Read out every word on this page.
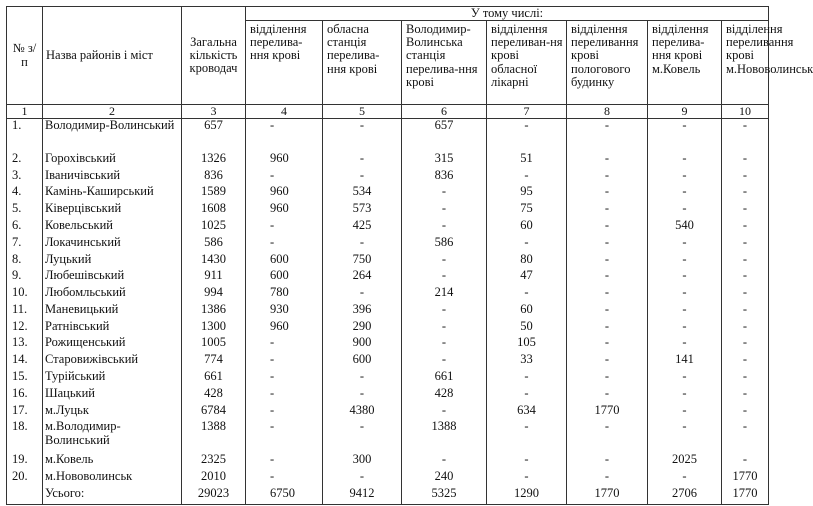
№ з/п	Назва районів і міст	Загальна кількість кроводач	У тому числі:						
			відділення перелива-ння крові	обласна станція перелива-ння крові	Володимир-Волинська станція перелива-ння крові	відділення переливан-ня крові обласної лікарні	відділення переливання крові пологового будинку	відділення перелива-ння крові м.Ковель	відділення переливання крові м.Нововолинськ
1	2	3	4	5	6	7	8	9	10
1.	Володимир-Волинський	657	-	-	657	-	-	-	-
2.	Горохівський	1326	960	-	315	51	-	-	-
3.	Іваничівський	836	-	-	836	-	-	-	-
4.	Камінь-Каширський	1589	960	534	-	95	-	-	-
5.	Ківерцівський	1608	960	573	-	75	-	-	-
6.	Ковельський	1025	-	425	-	60	-	540	-
7.	Локачинський	586	-	-	586	-	-	-	-
8.	Луцький	1430	600	750	-	80	-	-	-
9.	Любешівський	911	600	264	-	47	-	-	-
10.	Любомльський	994	780	-	214	-	-	-	-
11.	Маневицький	1386	930	396	-	60	-	-	-
12.	Ратнівський	1300	960	290	-	50	-	-	-
13.	Рожищенський	1005	-	900	-	105	-	-	-
14.	Старовижівський	774	-	600	-	33	-	141	-
15.	Турійський	661	-	-	661	-	-	-	-
16.	Шацький	428	-	-	428	-	-	-	-
17.	м.Луцьк	6784	-	4380	-	634	1770	-	-
18.	м.Володимир-Волинський	1388	-	-	1388	-	-	-	-
19.	м.Ковель	2325	-	300	-	-	-	2025	-
20.	м.Нововолинськ	2010	-	-	240	-	-	-	1770
	Усього:	29023	6750	9412	5325	1290	1770	2706	1770
